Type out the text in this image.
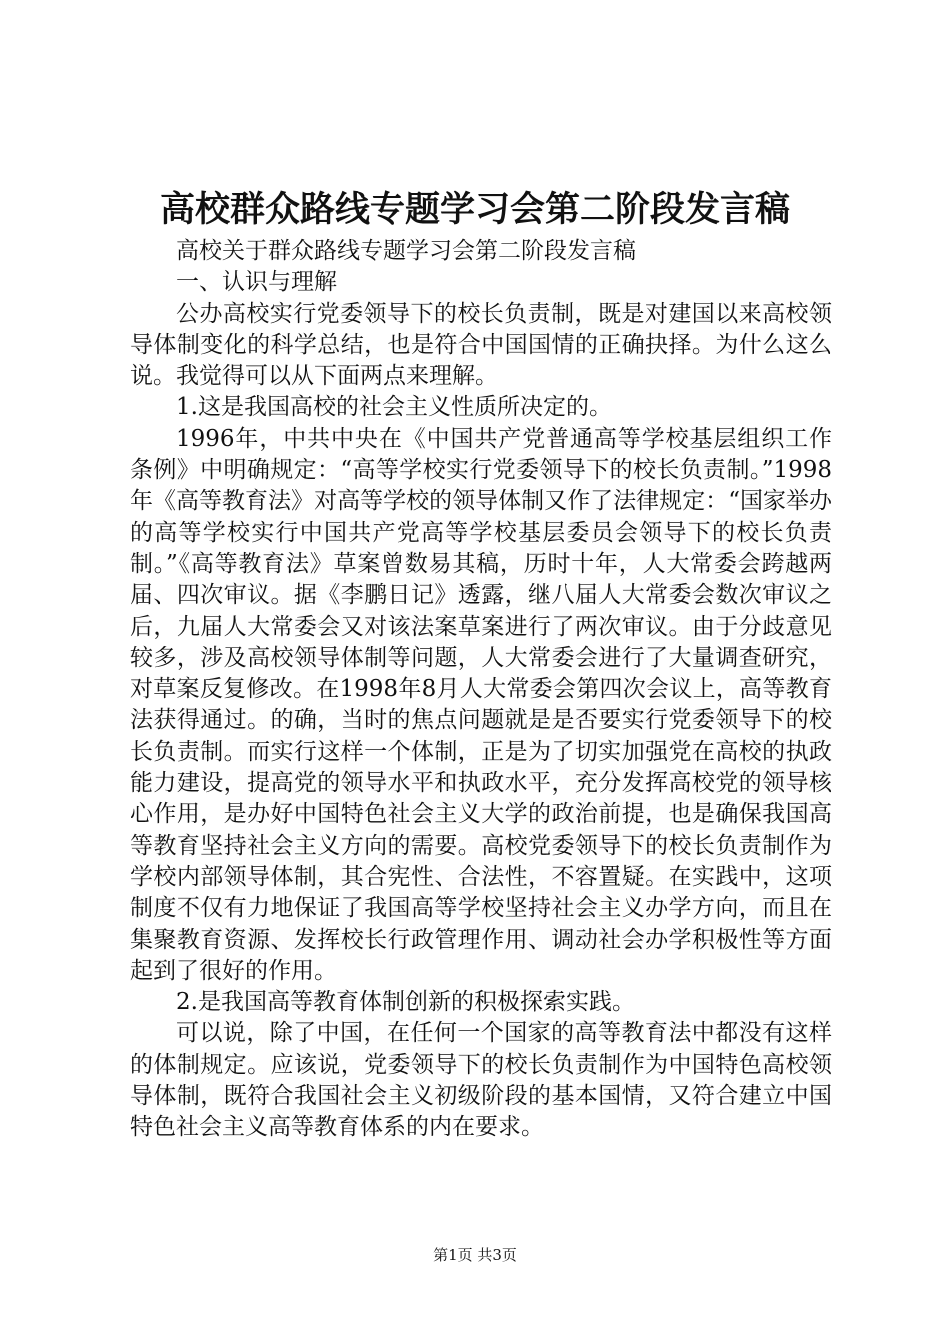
高校群众路线专题学习会第二阶段发言稿

高校关于群众路线专题学习会第二阶段发言稿

一、认识与理解

公办高校实行党委领导下的校长负责制，既是对建国以来高校领导体制变化的科学总结，也是符合中国国情的正确抉择。为什么这么说。我觉得可以从下面两点来理解。

1.这是我国高校的社会主义性质所决定的。

1996年，中共中央在《中国共产党普通高等学校基层组织工作条例》中明确规定：“高等学校实行党委领导下的校长负责制。”1998年《高等教育法》对高等学校的领导体制又作了法律规定：“国家举办的高等学校实行中国共产党高等学校基层委员会领导下的校长负责制。”《高等教育法》草案曾数易其稿，历时十年，人大常委会跨越两届、四次审议。据《李鹏日记》透露，继八届人大常委会数次审议之后，九届人大常委会又对该法案草案进行了两次审议。由于分歧意见较多，涉及高校领导体制等问题，人大常委会进行了大量调查研究，对草案反复修改。在1998年8月人大常委会第四次会议上，高等教育法获得通过。的确，当时的焦点问题就是是否要实行党委领导下的校长负责制。而实行这样一个体制，正是为了切实加强党在高校的执政能力建设，提高党的领导水平和执政水平，充分发挥高校党的领导核心作用，是办好中国特色社会主义大学的政治前提，也是确保我国高等教育坚持社会主义方向的需要。高校党委领导下的校长负责制作为学校内部领导体制，其合宪性、合法性，不容置疑。在实践中，这项制度不仅有力地保证了我国高等学校坚持社会主义办学方向，而且在集聚教育资源、发挥校长行政管理作用、调动社会办学积极性等方面起到了很好的作用。

2.是我国高等教育体制创新的积极探索实践。

可以说，除了中国，在任何一个国家的高等教育法中都没有这样的体制规定。应该说，党委领导下的校长负责制作为中国特色高校领导体制，既符合我国社会主义初级阶段的基本国情，又符合建立中国特色社会主义高等教育体系的内在要求。

第1页 共3页
